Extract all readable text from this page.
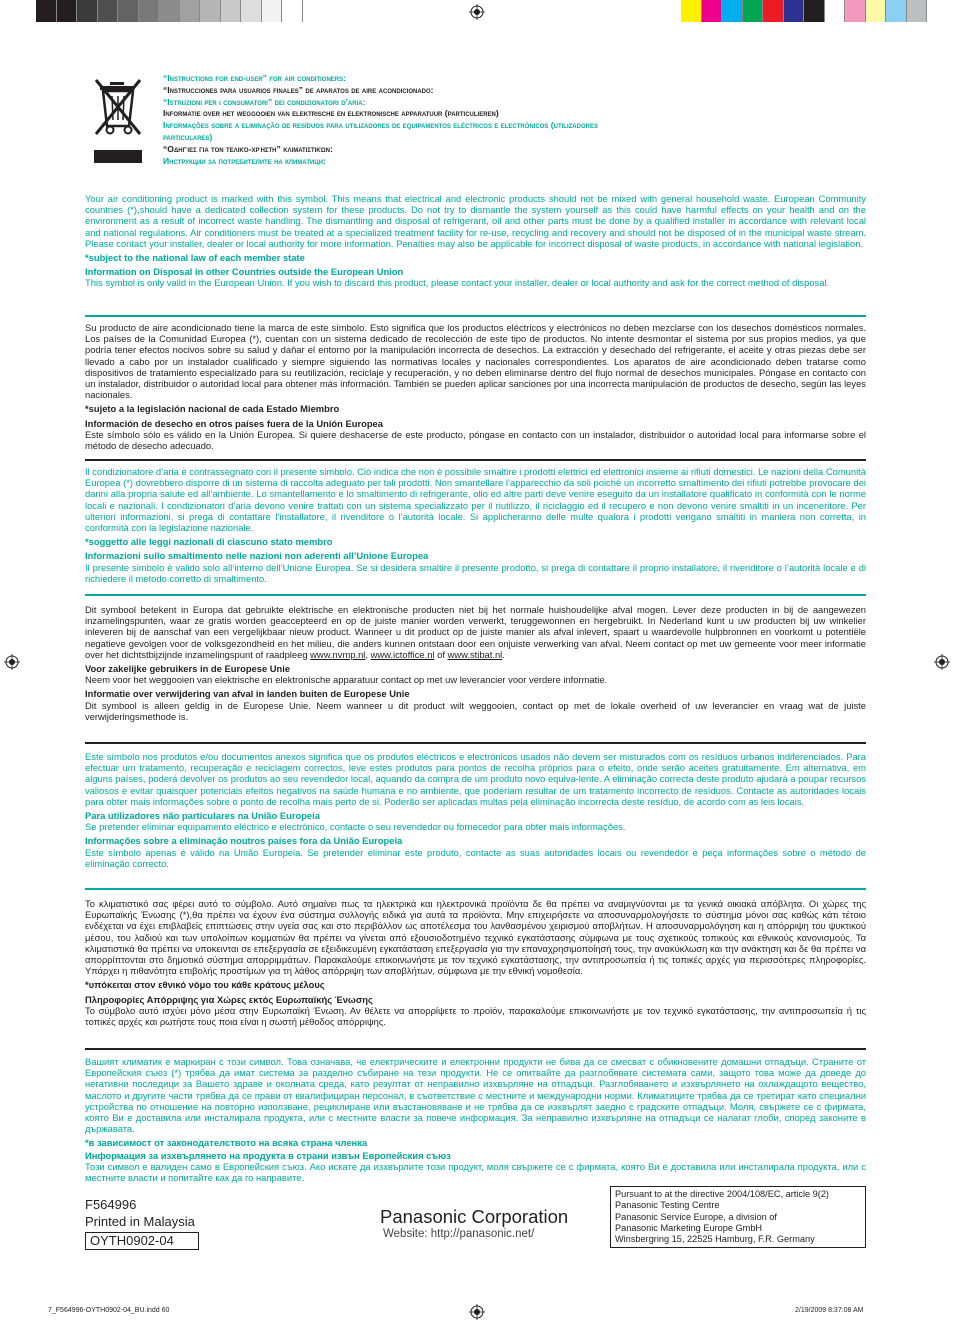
“Instructions for end-user” for air conditioners:
“Instrucciones para usuarios finales” de aparatos de aire acondicionado:
“Istruzioni per i consumatori” dei condizionatori d’aria:
Informatie over het weggooien van elektrische en elektronische apparatuur (particulieren)
Informações sobre a eliminação de resíduos para utilizadores de equipamentos eléctricos e electrónicos (utilizadores
particulares)
“Οδηγίες για τον τελικό-χρήστη” κλιματιστικών:
Инструкции за потребителите на климатици:

Your air conditioning product is marked with this symbol. This means that electrical and electronic products should not be mixed with general household waste. European Community countries (*),should have a dedicated collection system for these products. Do not try to dismantle the system yourself as this could have harmful effects on your health and on the environment as a result of incorrect waste handling. The dismantling and disposal of refrigerant, oil and other parts must be done by a qualified installer in accordance with relevant local and national regulations. Air conditioners must be treated at a specialized treatment facility for re-use, recycling and recovery and should not be disposed of in the municipal waste stream. Please contact your installer, dealer or local authority for more information. Penalties may also be applicable for incorrect disposal of waste products, in accordance with national legislation.

*subject to the national law of each member state

Information on Disposal in other Countries outside the European Union

This symbol is only valid in the European Union. If you wish to discard this product, please contact your installer, dealer or local authority and ask for the correct method of disposal.

Su producto de aire acondicionado tiene la marca de este símbolo. Esto significa que los productos eléctricos y electrónicos no deben mezclarse con los desechos domésticos normales. Los países de la Comunidad Europea (*), cuentan con un sistema dedicado de recolección de este tipo de productos. No intente desmontar el sistema por sus propios medios, ya que podría tener efectos nocivos sobre su salud y daňar el entorno por la manipulación incorrecta de desechos. La extracción y desechado del refrigerante, el aceite y otras piezas debe ser llevado a cabo por un instalador cualificado y siempre siguiendo las normativas locales y nacionales correspondientes. Los aparatos de aire acondicionado deben tratarse como dispositivos de tratamiento especializado para su reutilización, reciclaje y recuperación, y no deben eliminarse dentro del flujo normal de desechos municipales. Póngase en contacto con un instalador, distribuidor o autoridad local para obtener más información. También se pueden aplicar sanciones por una incorrecta manipulación de productos de desecho, según las leyes nacionales.

*sujeto a la legislación nacional de cada Estado Miembro

Información de desecho en otros países fuera de la Unión Europea

Este símbolo sólo es válido en la Unión Europea. Si quiere deshacerse de este producto, póngase en contacto con un instalador, distribuidor o autoridad local para informarse sobre el método de desecho adecuado.

Il condizionatore d’aria è contrassegnato con il presente simbolo. Ciò indica che non è possibile smaltire i prodotti elettrici ed elettronici insieme ai rifiuti domestici. Le nazioni della Comunità Europea (*) dovrebbero disporre di un sistema di raccolta adeguato per tali prodotti. Non smantellare l’apparecchio da soli poiché un incorretto smaltimento dei rifiuti potrebbe provocare dei danni alla propria salute ed all’ambiente. Lo smantellamento e lo smaltimento di refrigerante, olio ed altre parti deve venire eseguito da un installatore qualificato in conformità con le norme locali e nazionali. I condizionatori d’aria devono venire trattati con un sistema specializzato per il riutilizzo, il riciclaggio ed il recupero e non devono venire smaltiti in un inceneritore. Per ulteriori informazioni, si prega di contattare l’installatore, il rivenditore o l’autorità locale. Si applicheranno delle multe qualora i prodotti vengano smaltiti in maniera non corretta, in conformità con la legislazione nazionale.

*soggetto alle leggi nazionali di ciascuno stato membro

Informazioni sullo smaltimento nelle nazioni non aderenti all’Unione Europea

Il presente simbolo è valido solo all’interno dell’Unione Europea. Se si desidera smaltire il presente prodotto, si prega di contattare il proprio installatore, il rivenditore o l’autorità locale e di richiedere il metodo corretto di smaltimento.

Dit symbool betekent in Europa dat gebruikte elektrische en elektronische producten niet bij het normale huishoudelijke afval mogen. Lever deze producten in bij de aangewezen inzamelingspunten, waar ze gratis worden geaccepteerd en op de juiste manier worden verwerkt, teruggewonnen en hergebruikt. In Nederland kunt u uw producten bij uw winkelier inleveren bij de aanschaf van een vergelijkbaar nieuw product. Wanneer u dit product op de juiste manier als afval inlevert, spaart u waardevolle hulpbronnen en voorkomt u potentiële negatieve gevolgen voor de volksgezondheid en het milieu, die anders kunnen ontstaan door een onjuiste verwerking van afval. Neem contact op met uw gemeente voor meer informatie over het dichtstbijzijnde inzamelingspunt of raadpleeg www.nvmp.nl, www.ictoffice.nl of www.stibat.nl.

Voor zakelijke gebruikers in de Europese Unie

Neem voor het weggooien van elektrische en elektronische apparatuur contact op met uw leverancier voor verdere informatie.

Informatie over verwijdering van afval in landen buiten de Europese Unie

Dit symbool is alleen geldig in de Europese Unie. Neem wanneer u dit product wilt weggooien, contact op met de lokale overheid of uw leverancier en vraag wat de juiste verwijderingsmethode is.

Este símbolo nos produtos e/ou documentos anexos significa que os produtos eléctricos e electrónicos usados não devem ser misturados com os resíduos urbanos indiferenciados. Para efectuar um tratamento, recuperação e reciclagem correctos, leve estes produtos para pontos de recolha próprios para o efeito, onde serão aceites gratuitamente. Em alternativa, em alguns países, poderá devolver os produtos ao seu revendedor local, aquando da compra de um produto novo equiva-lente. A eliminação correcta deste produto ajudará a poupar recursos valiosos e evitar quaisquer potenciais efeitos negativos na saúde humana e no ambiente, que poderiam resultar de um tratamento incorrecto de resíduos. Contacte as autoridades locais para obter mais informações sobre o ponto de recolha mais perto de si. Poderão ser aplicadas multas pela eliminação incorrecta deste resíduo, de acordo com as leis locais.

Para utilizadores não particulares na União Europeia

Se pretender eliminar equipamento eléctrico e electrónico, contacte o seu revendedor ou fornecedor para obter mais informações.

Informações sobre a eliminação noutros países fora da União Europeia

Este símbolo apenas é válido na União Europeia. Se pretender eliminar este produto, contacte as suas autoridades locais ou revendedor e peça informações sobre o método de eliminação correcto.

Το κλιματιστικό σας φέρει αυτό το σύμβολο. Αυτό σημαίνει πως τα ηλεκτρικά και ηλεκτρονικά προϊόντα δε θα πρέπει να αναμιγνύονται με τα γενικά οικιακά απόβλητα. Οι χώρες της Ευρωπαϊκής Ένωσης (*),θα πρέπει να έχουν ένα σύστημα συλλογής ειδικά για αυτά τα προϊόντα. Μην επιχειρήσετε να αποσυναρμολογήσετε το σύστημα μόνοι σας καθώς κάτι τέτοιο ενδέχεται να έχει επιβλαβείς επιπτώσεις στην υγεία σας και στο περιβάλλον ως αποτέλεσμα του λανθασμένου χειρισμού αποβλήτων. Η αποσυναρμολόγηση και η απόρριψη του ψυκτικού μέσου, του λαδιού και των υπολοίπων κομματιών θα πρέπει να γίνεται από εξουσιοδοτημένο τεχνικό εγκατάστασης σύμφωνα με τους σχετικούς τοπικούς και εθνικούς κανονισμούς. Τα κλιματιστικά θα πρέπει να υποκεινται σε επεξεργασία σε εξειδικευμένη εγκατάσταση επεξεργασία για την επαναχρησιμοποίησή τους, την ανακύκλωση και την ανάκτηση και δε θα πρέπει να απορρίπτονται στο δημοτικό σύστημα απορριμμάτων. Παρακαλούμε επικοινωνήστε με τον τεχνικό εγκατάστασης, την αντιπροσωπεία ή τις τοπικές αρχές για περισσότερες πληροφορίες. Υπάρχει η πιθανότητα επιβολής προστίμων για τη λάθος απόρριψη των αποβλήτων, σύμφωνα με την εθνική νομοθεσία.

*υπόκειται στον εθνικό νόμο του κάθε κράτους μέλους

Πληροφορίες Απόρριψης για Χώρες εκτός Ευρωπαϊκής Ένωσης

Το σύμβολο αυτό ισχύει μόνο μέσα στην Ευρωπαϊκή Ένωση. Αν θέλετε να απορρίψετε το προϊόν, παρακαλούμε επικοινωνήστε με τον τεχνικό εγκατάστασης, την αντιπροσωπεία ή τις τοπικές αρχές και ρωτήστε τους ποια είναι η σωστή μέθοδος απόρριψης.

Вашият климатик е маркиран с този символ. Това означава, че електрическите и електронни продукти не бива да се смесват с обикновените домашни отпадъци. Страните от Европейския съюз (*) трябва да имат система за разделно събиране на тези продукти. Не се опитвайте да разглобявате системата сами, защото това може да доведе до негативни последици за Вашето здраве и околната среда, като резултат от неправилно изхвърляне на отпадъци. Разглобяването и изхвърлянето на охлаждащото вещество, маслото и другите части трябва да се прави от квалифициран персонал, в съответствие с местните и международни норми. Климатиците трябва да се третират като специални устройства по отношение на повторно използване, рециклиране или възстановяване и не трябва да се изхвърлят заедно с градските отпадъци. Моля, свържете се с фирмата, която Ви е доставила или инсталирала продукта, или с местните власти за повече информация. За неправилно изхвърляне на отпадъци се налагат глоби, според законите в държавата.

*в зависимост от законодателството на всяка страна членка

Информация за изхвърлянето на продукта в страни извън Европейския съюз

Този символ е валиден само в Европейския съюз. Ако искате да изхвърлите този продукт, моля свържете се с фирмата, която Ви е доставила или инсталирала продукта, или с местните власти и попитайте как да го направите.

F564996
Printed in Malaysia
OYTH0902-04
Panasonic Corporation
Website: http://panasonic.net/
Pursuant to at the directive 2004/108/EC, article 9(2)
Panasonic Testing Centre
Panasonic Service Europe, a division of
Panasonic Marketing Europe GmbH
Winsbergring 15, 22525 Hamburg, F.R. Germany
7_F564996-OYTH0902-04_BU.indd 60	2/19/2009 8:37:08 AM
